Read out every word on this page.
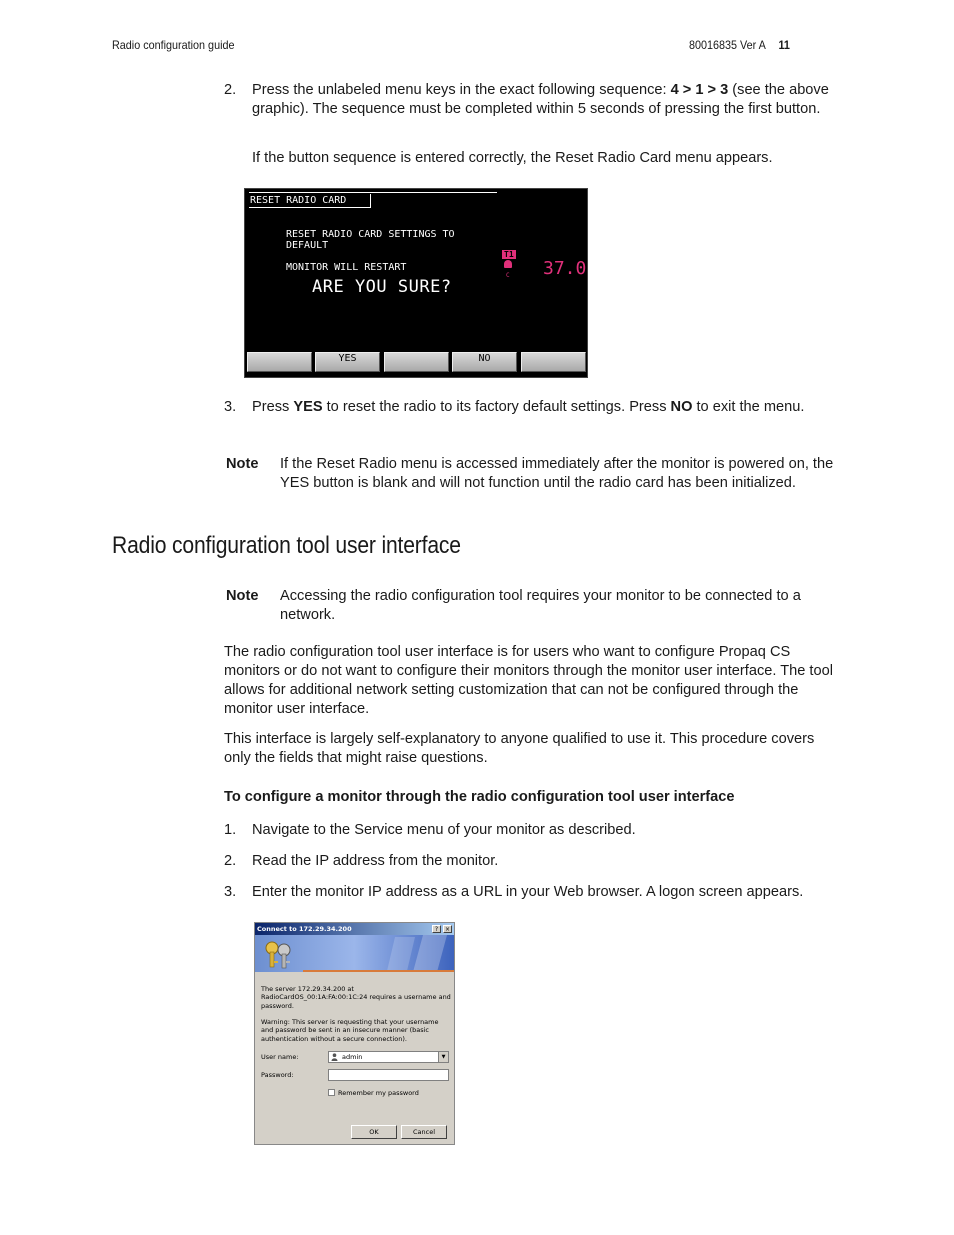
Radio configuration guide	80016835 Ver A 11
2. Press the unlabeled menu keys in the exact following sequence: 4 > 1 > 3 (see the above graphic). The sequence must be completed within 5 seconds of pressing the first button.
If the button sequence is entered correctly, the Reset Radio Card menu appears.
RESET RADIO CARD
RESET RADIO CARD SETTINGS TO
DEFAULT
MONITOR WILL RESTART
ARE YOU SURE?
T1
C 37.0
YES	NO
3. Press YES to reset the radio to its factory default settings. Press NO to exit the menu.
Note If the Reset Radio menu is accessed immediately after the monitor is powered on, the YES button is blank and will not function until the radio card has been initialized.
Radio configuration tool user interface
Note Accessing the radio configuration tool requires your monitor to be connected to a network.
The radio configuration tool user interface is for users who want to configure Propaq CS monitors or do not want to configure their monitors through the monitor user interface. The tool allows for additional network setting customization that can not be configured through the monitor user interface.
This interface is largely self-explanatory to anyone qualified to use it. This procedure covers only the fields that might raise questions.
To configure a monitor through the radio configuration tool user interface
1. Navigate to the Service menu of your monitor as described.
2. Read the IP address from the monitor.
3. Enter the monitor IP address as a URL in your Web browser. A logon screen appears.
Connect to 172.29.34.200	?	×
The server 172.29.34.200 at RadioCardOS_00:1A:FA:00:1C:24 requires a username and password.
Warning: This server is requesting that your username and password be sent in an insecure manner (basic authentication without a secure connection).
User name:	admin	▼
Password:
Remember my password
OK	Cancel
